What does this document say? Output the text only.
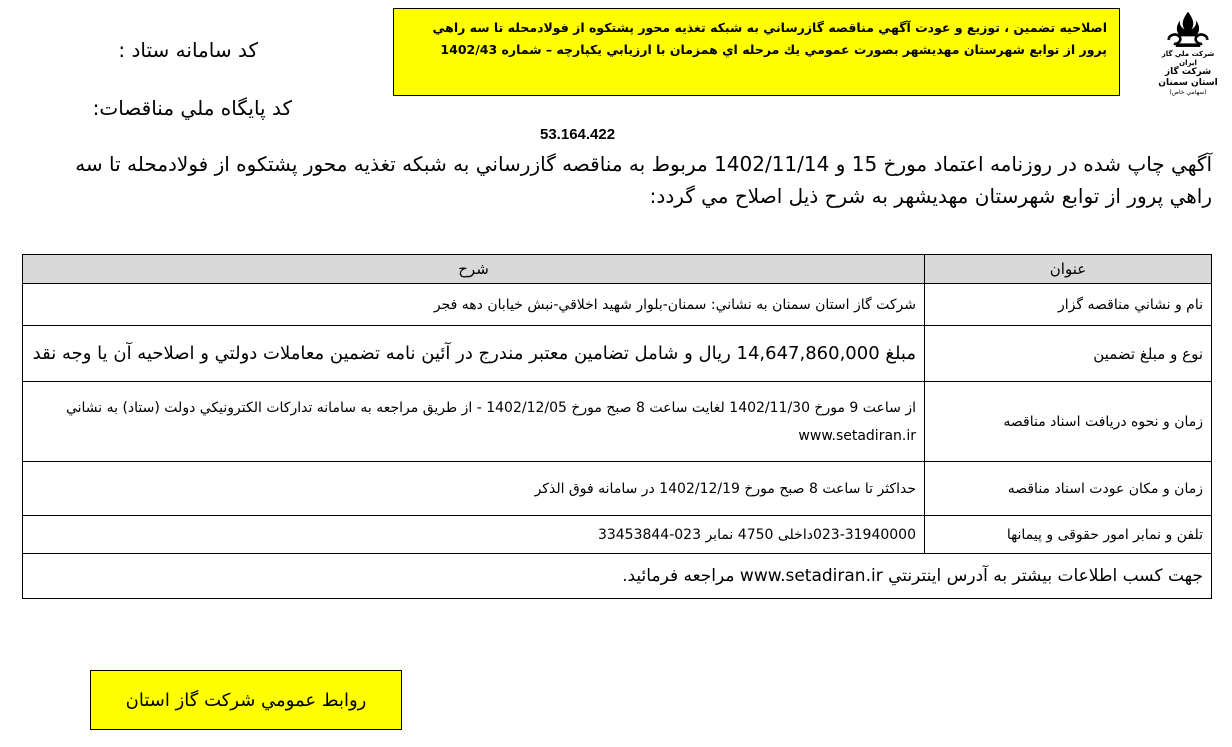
شركت ملي گاز ايران
شركت گاز استان سمنان
(سهامي خاص)
اصلاحيه تضمين ، توزيع و عودت آگهي مناقصه گازرساني به شبكه تغذيه محور پشتكوه از فولادمحله تا سه راهي
پرور از توابع شهرستان مهديشهر بصورت عمومي يك مرحله اي همزمان با ارزيابي يكپارچه – شماره 1402/43
كد سامانه ستاد :
كد پايگاه ملي مناقصات:
53.164.422
آگهي چاپ شده در روزنامه اعتماد مورخ 15 و 1402/11/14 مربوط به مناقصه گازرساني به شبكه تغذيه محور پشتكوه از فولادمحله تا سه راهي پرور از توابع شهرستان مهديشهر به شرح ذيل اصلاح مي گردد:
عنوان	شرح
نام و نشاني مناقصه گزار	شركت گاز استان سمنان به نشاني: سمنان-بلوار شهيد اخلاقي-نبش خيابان دهه فجر
نوع و مبلغ تضمين	مبلغ 14,647,860,000 ريال و شامل تضامين معتبر مندرج در آئين نامه تضمين معاملات دولتي و اصلاحيه آن يا وجه نقد
زمان و نحوه دريافت اسناد مناقصه	از ساعت 9 مورخ 1402/11/30 لغايت ساعت 8 صبح مورخ 1402/12/05 - از طريق مراجعه به سامانه تداركات الكترونيكي دولت (ستاد) به نشاني www.setadiran.ir
زمان و مكان عودت اسناد مناقصه	حداكثر تا ساعت 8 صبح مورخ 1402/12/19 در سامانه فوق الذكر
تلفن و نمابر امور حقوقی و پیمانها	023-31940000داخلی 4750 نمابر 023-33453844
جهت كسب اطلاعات بيشتر به آدرس اينترنتي www.setadiran.ir مراجعه فرمائيد.	
روابط عمومي شركت گاز استان
